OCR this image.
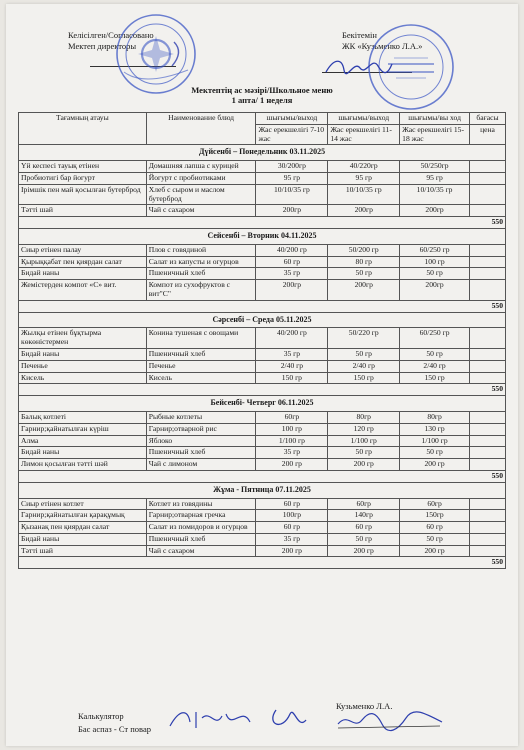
Келісілген/Согласовано
Мектеп директоры
Бекітемін
ЖК «Кузьменко Л.А.»
Мектептің ас мәзірі/Школьное меню
1 апта/ 1 неделя
Тағамның атауы	Наименование блюд	шығымы/выход	шығымы/выход	шығымы/вы ход	бағасы
		Жас ерекшелігі 7-10 жас	Жас ерекшелігі 11-14 жас	Жас ерекшелігі 15-18 жас	цена
Дүйсенбі – Понедельник 03.11.2025					
Үй кеспесі тауық етінен	Домашняя лапша с курицей	30/200гр	40/220гр	50/250гр	
Пробиотигі бар йогурт	Йогурт с пробиотиками	95 гр	95 гр	95 гр	
Ірімшік пен май қосылған бутерброд	Хлеб с сыром и маслом бутерброд	10/10/35 гр	10/10/35 гр	10/10/35 гр	
Тәтті шай	Чай с сахаром	200гр	200гр	200гр	
550					
Сейсенбі – Вторник 04.11.2025					
Сиыр етінен палау	Плов с говядиной	40/200 гр	50/200 гр	60/250 гр	
Қырыққабат пен қиярдан салат	Салат из капусты и огурцов	60 гр	80 гр	100 гр	
Бидай наны	Пшеничный хлеб	35 гр	50 гр	50 гр	
Жемістерден компот «С» вит.	Компот из сухофруктов с вит"С"	200гр	200гр	200гр	
550					
Сәрсенбі – Среда 05.11.2025					
Жылқы етінен бұқтырма көкөністермен	Конина тушеная с овощами	40/200 гр	50/220 гр	60/250 гр	
Бидай наны	Пшеничный хлеб	35 гр	50 гр	50 гр	
Печенье	Печенье	2/40 гр	2/40 гр	2/40 гр	
Кисель	Кисель	150 гр	150 гр	150 гр	
550					
Бейсенбі- Четверг 06.11.2025					
Балық котлеті	Рыбные котлеты	60гр	80гр	80гр	
Гарнир;қайнатылған күріш	Гарнир;отварной рис	100 гр	120 гр	130 гр	
Алма	Яблоко	1/100 гр	1/100 гр	1/100 гр	
Бидай наны	Пшеничный хлеб	35 гр	50 гр	50 гр	
Лимон қосылған тәтті шәй	Чай с лимоном	200 гр	200 гр	200 гр	
550					
Жұма - Пятница 07.11.2025					
Сиыр етінен котлет	Котлет из говядины	60 гр	60гр	60гр	
Гарнир;қайнатылған қарақұмық	Гарнир;отварная гречка	100гр	140гр	150гр	
Қызанақ пен қиярдан салат	Салат из помидоров и огурцов	60 гр	60 гр	60 гр	
Бидай наны	Пшеничный хлеб	35 гр	50 гр	50 гр	
Тәтті шай	Чай с сахаром	200 гр	200 гр	200 гр	
550					
Калькулятор
Бас аспаз - Ст повар
Кузьменко Л.А.
